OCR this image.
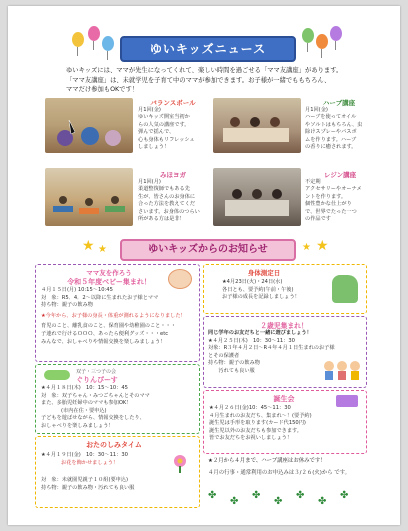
ゆいキッズニュース
ゆいキッズには、ママが先生になってくれて、楽しい時間を過ごせる「ママ友講座」があります。
「ママ友講座」は、未就学児を子育て中のママが参加できます。お子様が一緒でももちろん、
ママだけ参加もOKです！
バランスボール
月1回(金)
ゆいキッズ開室当初か
らの人気の講座です。
弾んで揺んで、
心も身体もリフレッシュ
しましょう！
ハーブ講座
月1回(金)
ハーブを使ってオイル
やソルトはもちろん、虫
除けスプレーやバスボ
ムを作ります。ハーブ
の香りに癒されます。
みほヨガ
月1回(月)
柔道整復師でもある先
生が、皆さんのお身体に
合った方法を教えてくだ
さいます。お身体のつらい
所がある方は是非！
レジン講座
不定期
アクセサリーやオーナメ
ントを作ります。
個性豊かな仕上がり
で、世界でたった一つ
の作品です
★ ★	ゆいキッズからのお知らせ	★ ★
ママ友を作ろう
令和５年度ベビー集まれ！
４月１５日(月) 10:15～10:45
対　象：R5．4．2～以降に生まれたお子様とママ
持ち物：親子の飲み物
★今年から、お子様の身長・体重が測れるようになりました！
育児のこと、離乳食のこと、保育園や幼稚園のこと・・・
子連れで行けるＯＯＯ、あったら便利グッズ・・・etc
みんなで、おしゃべりや情報交換を楽しみましょう！
身体測定日
★4月23日(火)・24日(水)
各日とも、要予約(午前・午後)
お子様の成長を記録しましょう！
２歳児集まれ！
同じ学年のお友だちと一緒に遊びましょう！
★４月２５日(木)　10：30～11：30
対象：R３年４月２日～R４年４月１日生まれのお子様
とその保護者
持ち物：親子の飲み物
　　汚れても良い服
双子・三つ子の会
ぐりんぴーす
★４月１８日(木)　10：15～10：45
対　象：双子ちゃん・みつごちゃんとそのママ
また、多胎児妊婦中のママも参加OK！
(市内在住・要申込)
子どもを遊ばせながら、情報交換をしたり、
おしゃべりを楽しみましょう！
誕生会
★４月２６日(金)10：45～11：30
４月生まれのお友だち、集まれ～！(要予約)
誕生児は手形を取ります(カード代150円)
誕生児以外のお友だちも参加できます。
皆でお友だちをお祝いしましょう！
おたのしみタイム
★４月１９日(金)　10：30～11：30
お花を飾かせましょう！
対　象：未就園児親子１０組(要申込)
持ち物：親子の飲み物・汚れても良い服
★２月から４月まで、ハーブ講座はお休みです！
４月の行事・通常利用のお申込みは３/２６(火)から です。
✤
✤
✤
✤
✤
✤
✤
